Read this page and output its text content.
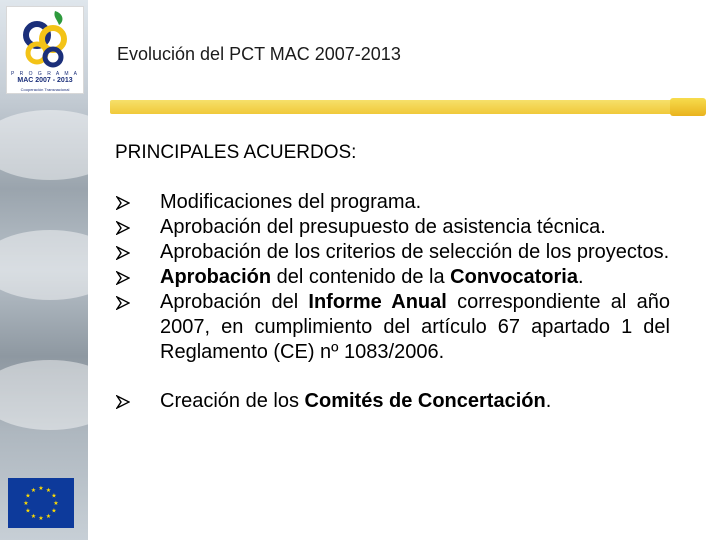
P R O G R A M A
MAC 2007 - 2013
Cooperación Transnacional
Evolución del PCT MAC 2007-2013
PRINCIPALES ACUERDOS:
Modificaciones del programa.
Aprobación del presupuesto de asistencia técnica.
Aprobación de los criterios de selección de los proyectos.
Aprobación del contenido de la Convocatoria.
Aprobación del Informe Anual correspondiente al año 2007, en cumplimiento del artículo 67 apartado 1 del Reglamento (CE) nº 1083/2006.
Creación de los Comités de Concertación.
★ ★
★
★
★
★
★
★
★
★
★
★
